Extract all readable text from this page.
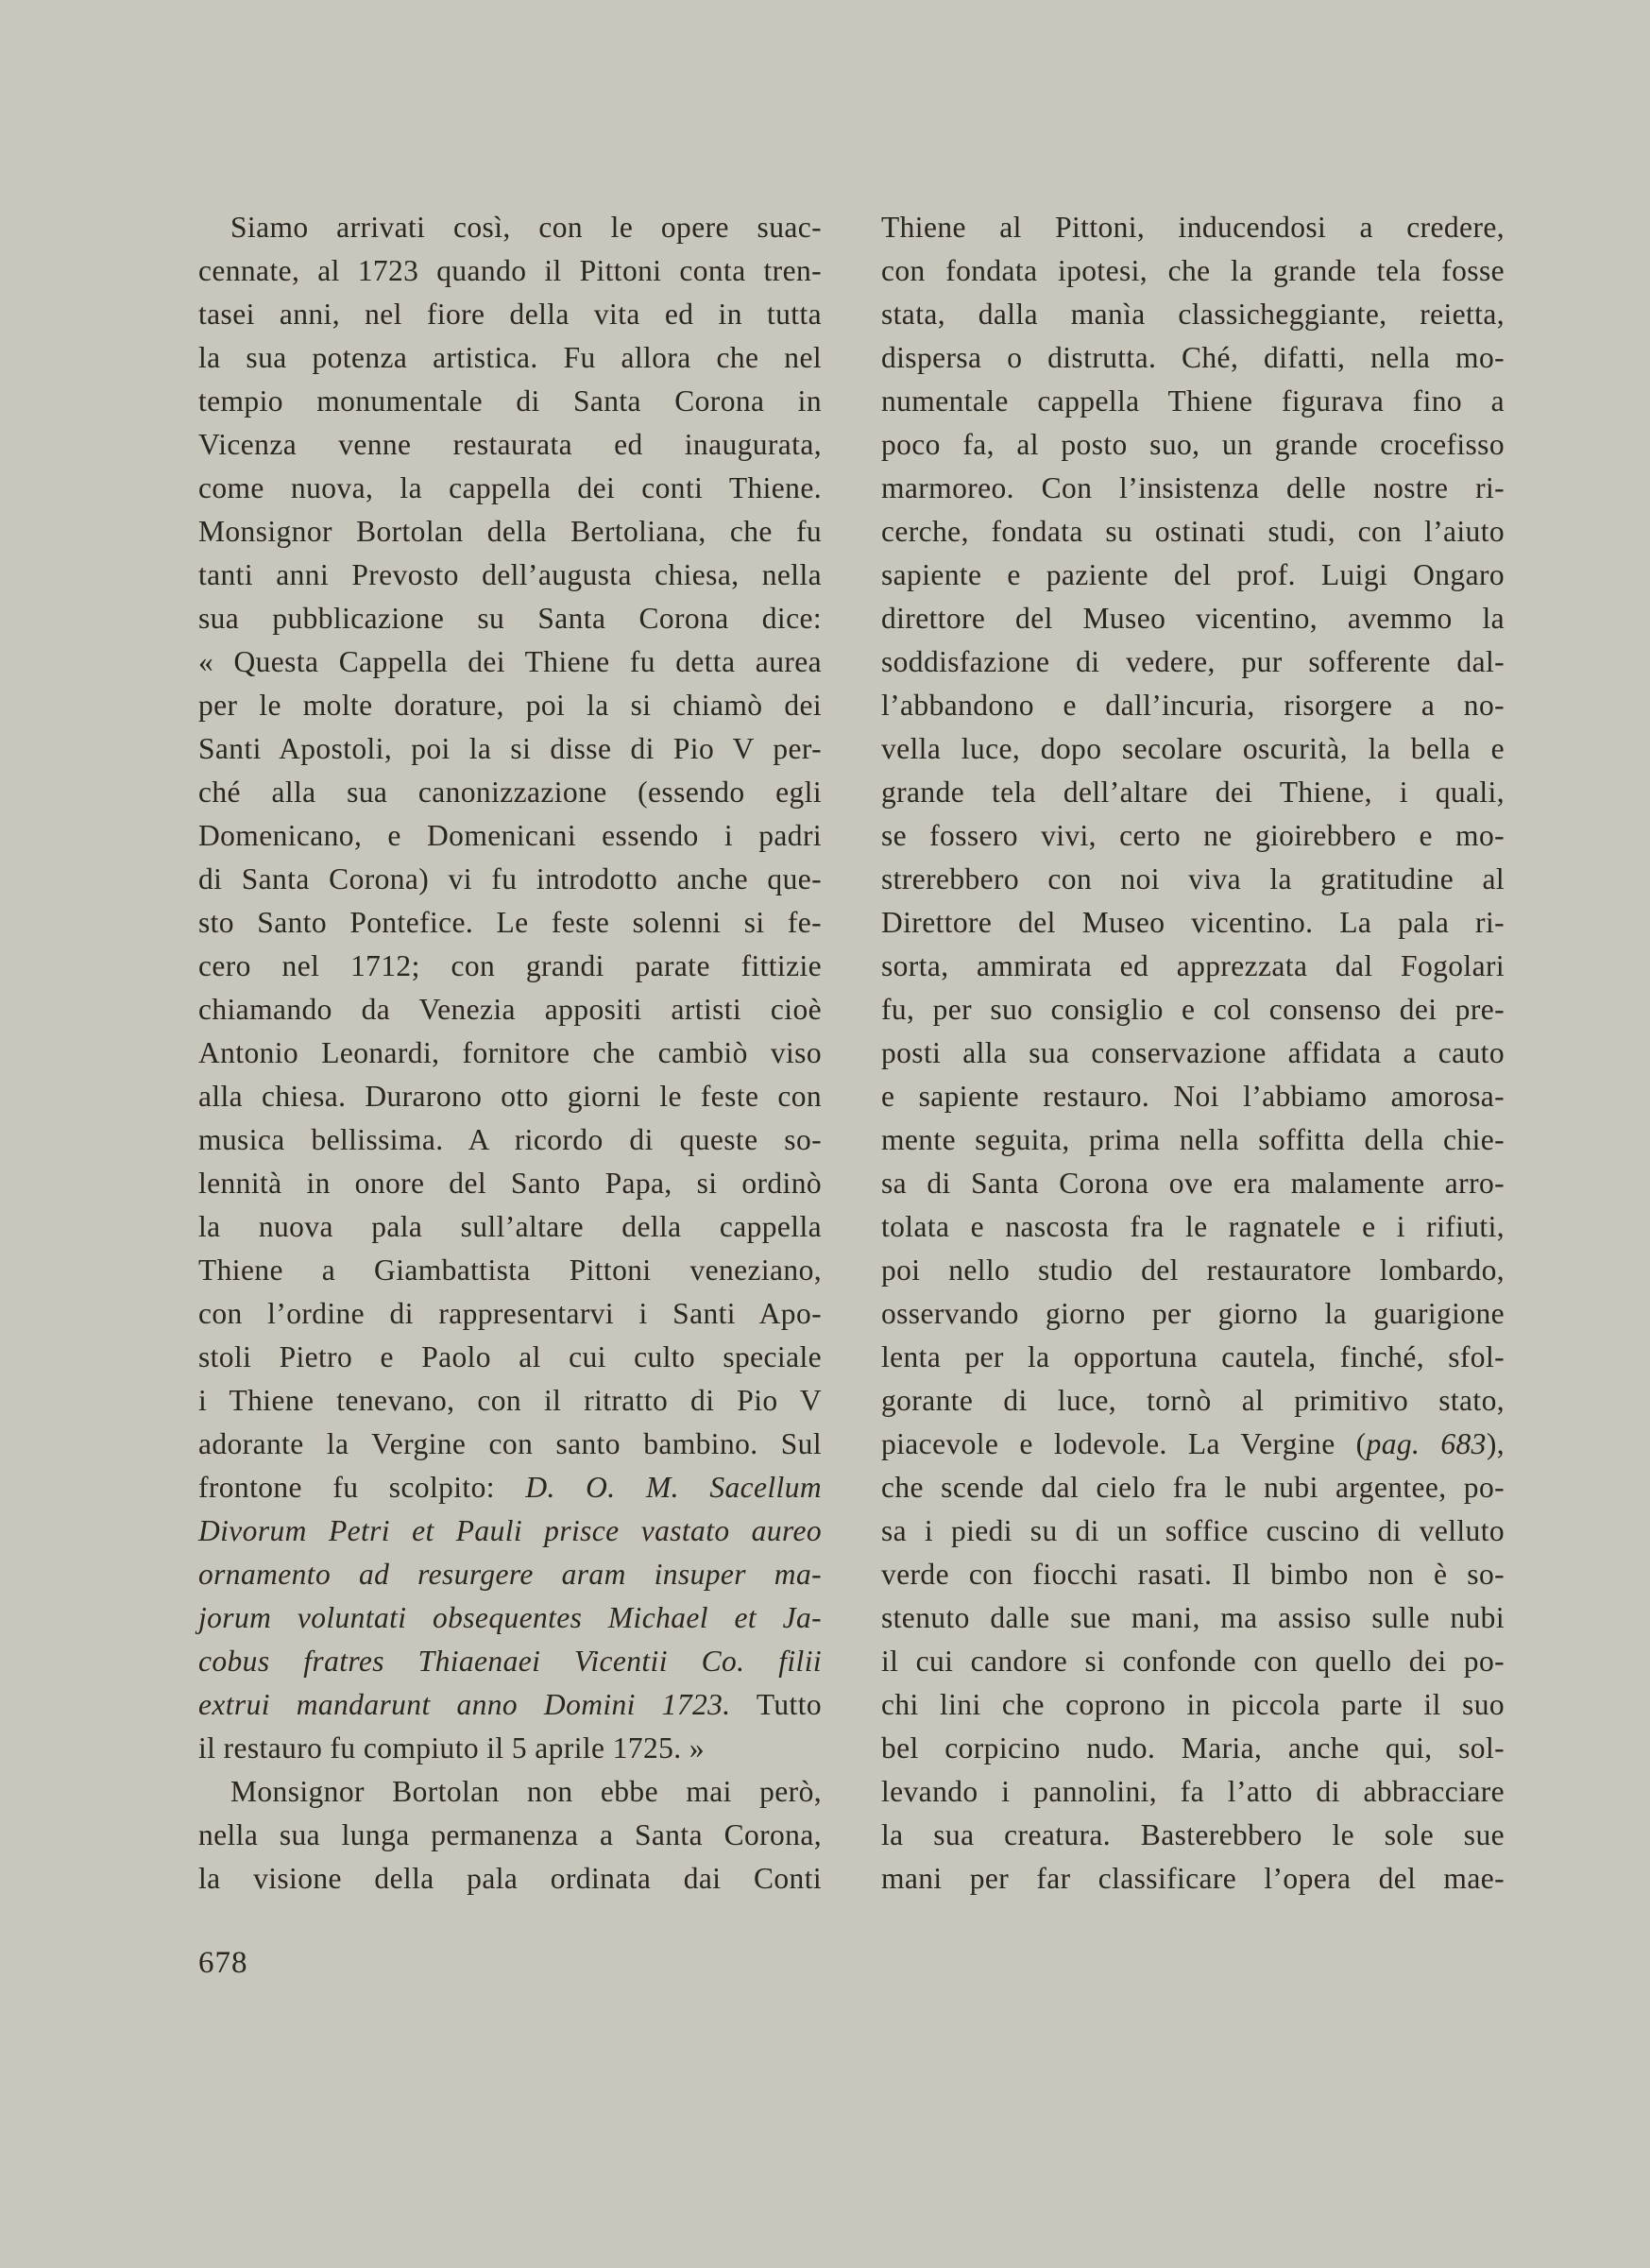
Siamo arrivati così, con le opere suac-
cennate, al 1723 quando il Pittoni conta tren-
tasei anni, nel fiore della vita ed in tutta
la sua potenza artistica. Fu allora che nel
tempio monumentale di Santa Corona in
Vicenza venne restaurata ed inaugurata,
come nuova, la cappella dei conti Thiene.
Monsignor Bortolan della Bertoliana, che fu
tanti anni Prevosto dell’augusta chiesa, nella
sua pubblicazione su Santa Corona dice:
« Questa Cappella dei Thiene fu detta aurea
per le molte dorature, poi la si chiamò dei
Santi Apostoli, poi la si disse di Pio V per-
ché alla sua canonizzazione (essendo egli
Domenicano, e Domenicani essendo i padri
di Santa Corona) vi fu introdotto anche que-
sto Santo Pontefice. Le feste solenni si fe-
cero nel 1712; con grandi parate fittizie
chiamando da Venezia appositi artisti cioè
Antonio Leonardi, fornitore che cambiò viso
alla chiesa. Durarono otto giorni le feste con
musica bellissima. A ricordo di queste so-
lennità in onore del Santo Papa, si ordinò
la nuova pala sull’altare della cappella
Thiene a Giambattista Pittoni veneziano,
con l’ordine di rappresentarvi i Santi Apo-
stoli Pietro e Paolo al cui culto speciale
i Thiene tenevano, con il ritratto di Pio V
adorante la Vergine con santo bambino. Sul
frontone fu scolpito: D. O. M. Sacellum
Divorum Petri et Pauli prisce vastato aureo
ornamento ad resurgere aram insuper ma-
jorum voluntati obsequentes Michael et Ja-
cobus fratres Thiaenaei Vicentii Co. filii
extrui mandarunt anno Domini 1723. Tutto
il restauro fu compiuto il 5 aprile 1725. »
Monsignor Bortolan non ebbe mai però,
nella sua lunga permanenza a Santa Corona,
la visione della pala ordinata dai Conti
Thiene al Pittoni, inducendosi a credere,
con fondata ipotesi, che la grande tela fosse
stata, dalla manìa classicheggiante, reietta,
dispersa o distrutta. Ché, difatti, nella mo-
numentale cappella Thiene figurava fino a
poco fa, al posto suo, un grande crocefisso
marmoreo. Con l’insistenza delle nostre ri-
cerche, fondata su ostinati studi, con l’aiuto
sapiente e paziente del prof. Luigi Ongaro
direttore del Museo vicentino, avemmo la
soddisfazione di vedere, pur sofferente dal-
l’abbandono e dall’incuria, risorgere a no-
vella luce, dopo secolare oscurità, la bella e
grande tela dell’altare dei Thiene, i quali,
se fossero vivi, certo ne gioirebbero e mo-
strerebbero con noi viva la gratitudine al
Direttore del Museo vicentino. La pala ri-
sorta, ammirata ed apprezzata dal Fogolari
fu, per suo consiglio e col consenso dei pre-
posti alla sua conservazione affidata a cauto
e sapiente restauro. Noi l’abbiamo amorosa-
mente seguita, prima nella soffitta della chie-
sa di Santa Corona ove era malamente arro-
tolata e nascosta fra le ragnatele e i rifiuti,
poi nello studio del restauratore lombardo,
osservando giorno per giorno la guarigione
lenta per la opportuna cautela, finché, sfol-
gorante di luce, tornò al primitivo stato,
piacevole e lodevole. La Vergine (pag. 683),
che scende dal cielo fra le nubi argentee, po-
sa i piedi su di un soffice cuscino di velluto
verde con fiocchi rasati. Il bimbo non è so-
stenuto dalle sue mani, ma assiso sulle nubi
il cui candore si confonde con quello dei po-
chi lini che coprono in piccola parte il suo
bel corpicino nudo. Maria, anche qui, sol-
levando i pannolini, fa l’atto di abbracciare
la sua creatura. Basterebbero le sole sue
mani per far classificare l’opera del mae-
678
